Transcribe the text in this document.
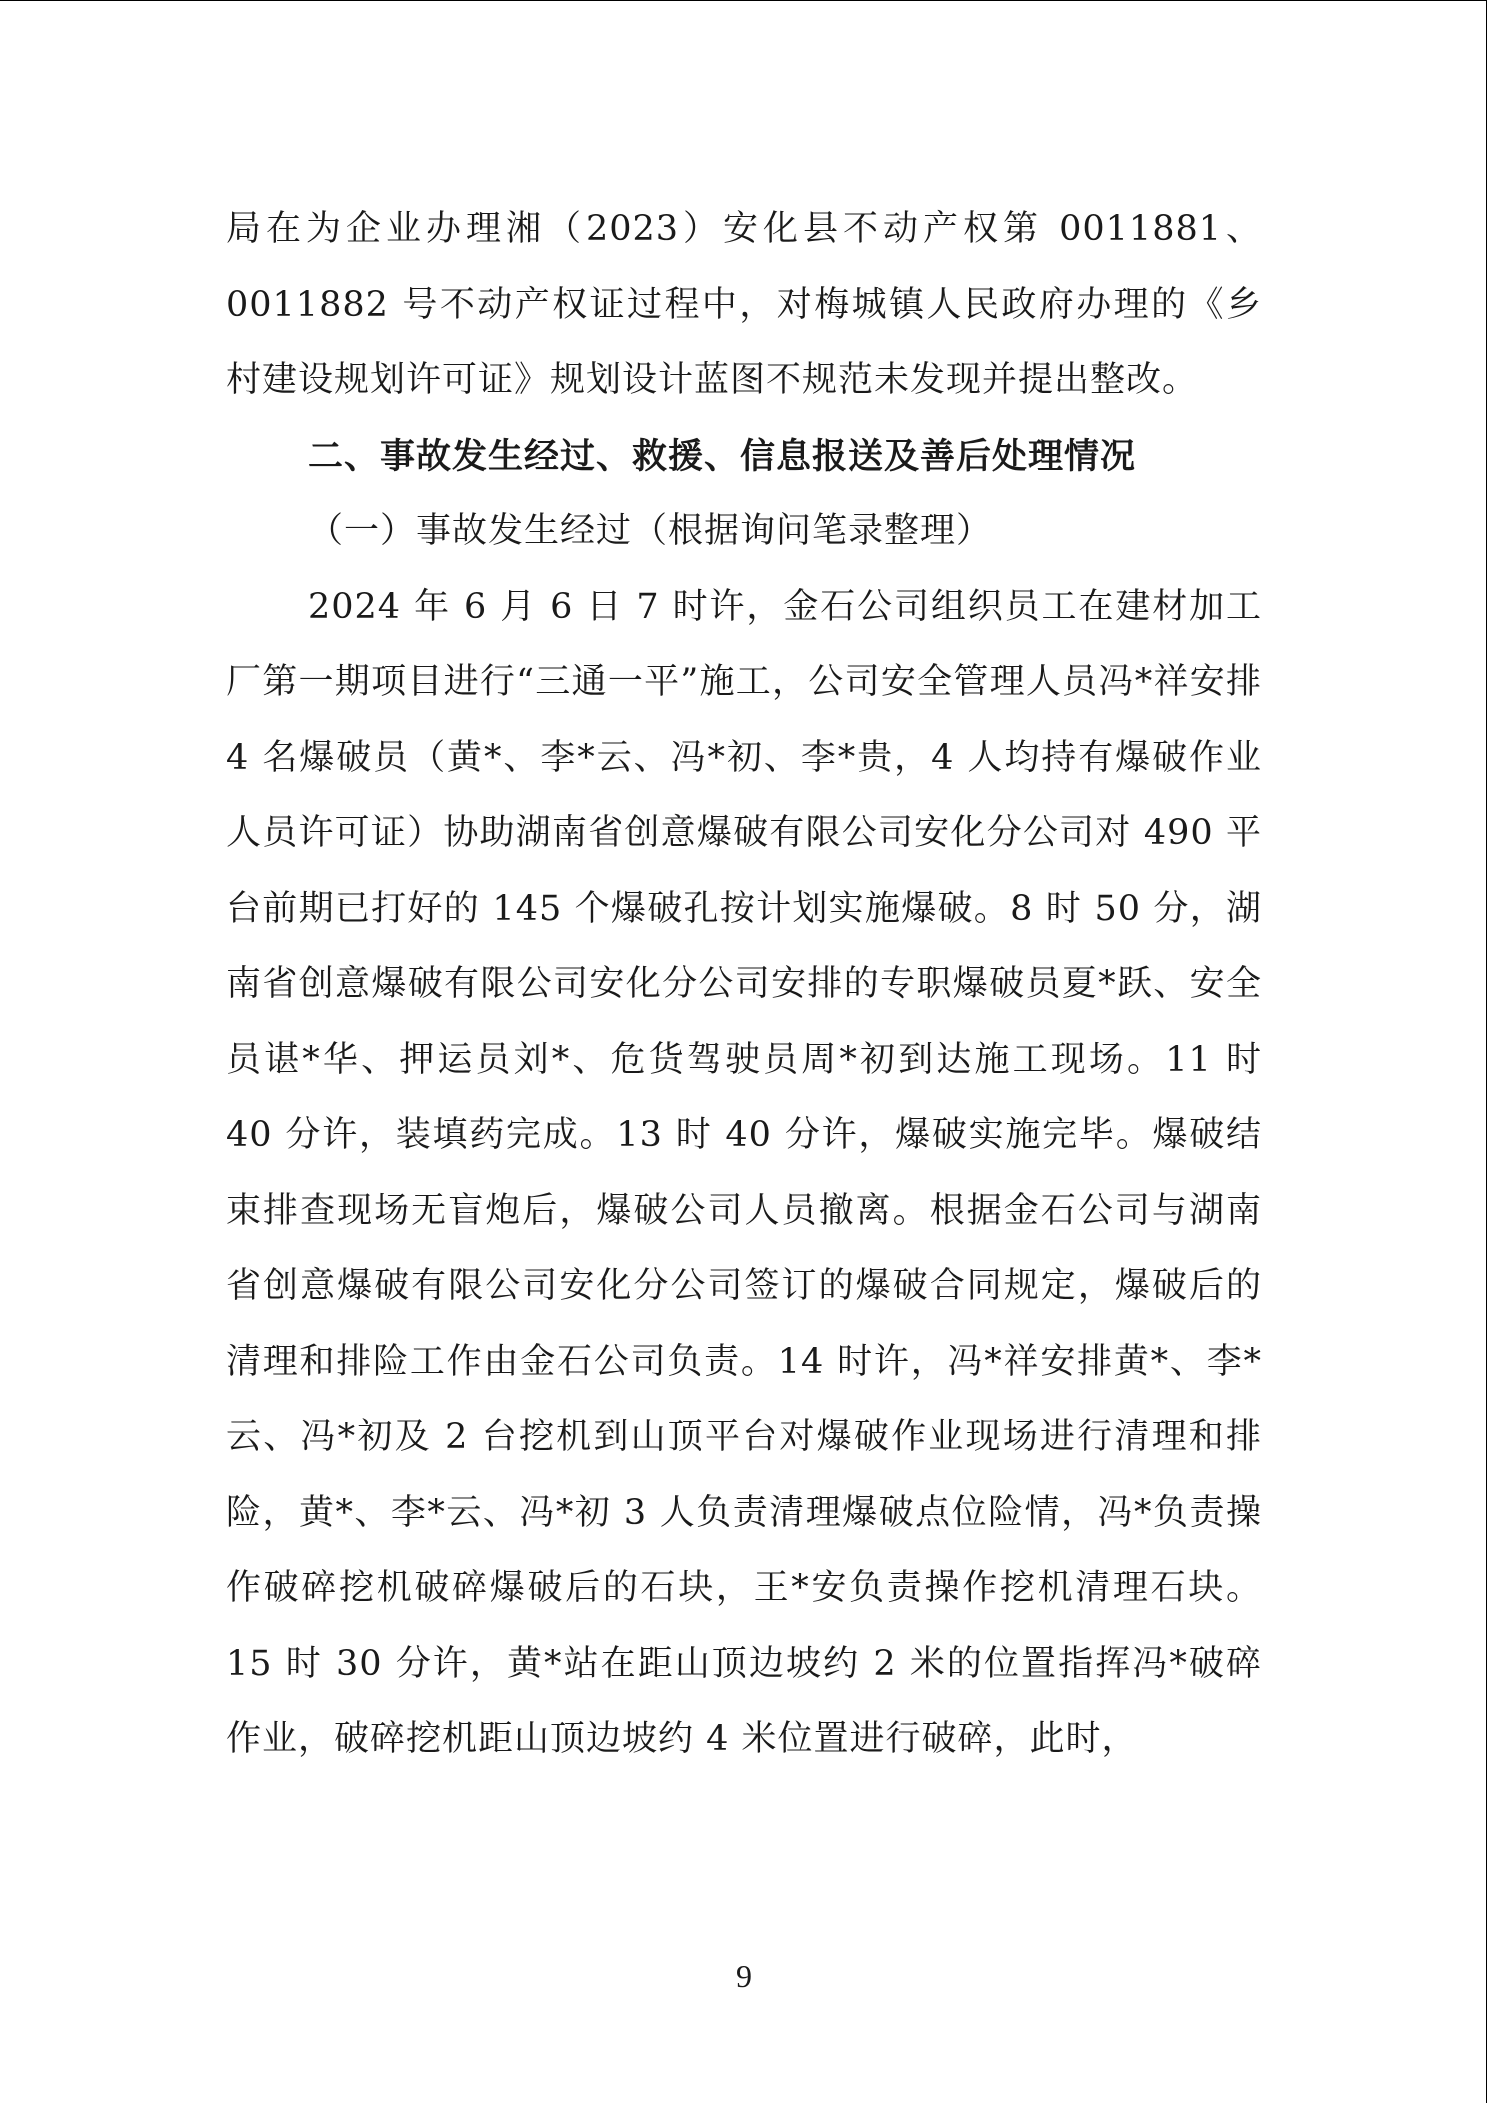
局在为企业办理湘（2023）安化县不动产权第 0011881、0011882 号不动产权证过程中，对梅城镇人民政府办理的《乡村建设规划许可证》规划设计蓝图不规范未发现并提出整改。

二、事故发生经过、救援、信息报送及善后处理情况

（一）事故发生经过（根据询问笔录整理）

2024 年 6 月 6 日 7 时许，金石公司组织员工在建材加工厂第一期项目进行“三通一平”施工，公司安全管理人员冯*祥安排 4 名爆破员（黄*、李*云、冯*初、李*贵，4 人均持有爆破作业人员许可证）协助湖南省创意爆破有限公司安化分公司对 490 平台前期已打好的 145 个爆破孔按计划实施爆破。8 时 50 分，湖南省创意爆破有限公司安化分公司安排的专职爆破员夏*跃、安全员谌*华、押运员刘*、危货驾驶员周*初到达施工现场。11 时 40 分许，装填药完成。13 时 40 分许，爆破实施完毕。爆破结束排查现场无盲炮后，爆破公司人员撤离。根据金石公司与湖南省创意爆破有限公司安化分公司签订的爆破合同规定，爆破后的清理和排险工作由金石公司负责。14 时许，冯*祥安排黄*、李*云、冯*初及 2 台挖机到山顶平台对爆破作业现场进行清理和排险，黄*、李*云、冯*初 3 人负责清理爆破点位险情，冯*负责操作破碎挖机破碎爆破后的石块，王*安负责操作挖机清理石块。15 时 30 分许，黄*站在距山顶边坡约 2 米的位置指挥冯*破碎作业，破碎挖机距山顶边坡约 4 米位置进行破碎，此时，

9
